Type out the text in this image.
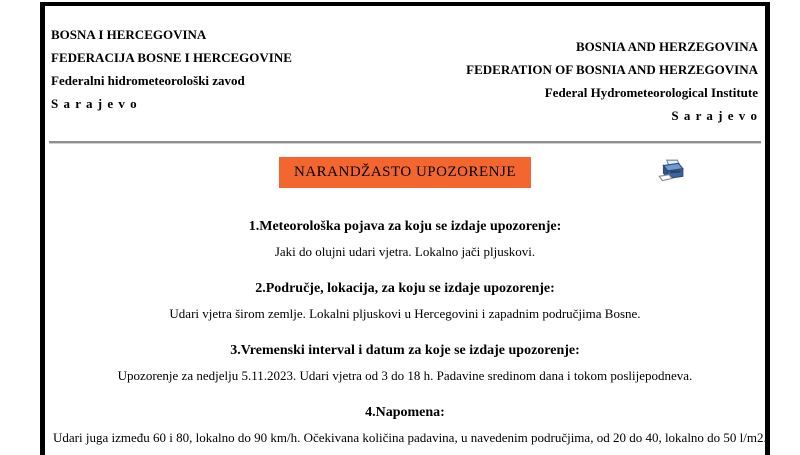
BOSNA I HERCEGOVINA
FEDERACIJA BOSNE I HERCEGOVINE
Federalni hidrometeorološki zavod
S a r a j e v o
BOSNIA AND HERZEGOVINA
FEDERATION OF BOSNIA AND HERZEGOVINA
Federal Hydrometeorological Institute
S a r a j e v o
NARANDŽASTO UPOZORENJE
1.Meteorološka pojava za koju se izdaje upozorenje:
Jaki do olujni udari vjetra. Lokalno jači pljuskovi.
2.Područje, lokacija, za koju se izdaje upozorenje:
Udari vjetra širom zemlje. Lokalni pljuskovi u Hercegovini i zapadnim područjima Bosne.
3.Vremenski interval i datum za koje se izdaje upozorenje:
Upozorenje za nedjelju 5.11.2023. Udari vjetra od 3 do 18 h. Padavine sredinom dana i tokom poslijepodneva.
4.Napomena:
Udari juga između 60 i 80, lokalno do 90 km/h. Očekivana količina padavina, u navedenim područjima, od 20 do 40, lokalno do 50 l/m2.
